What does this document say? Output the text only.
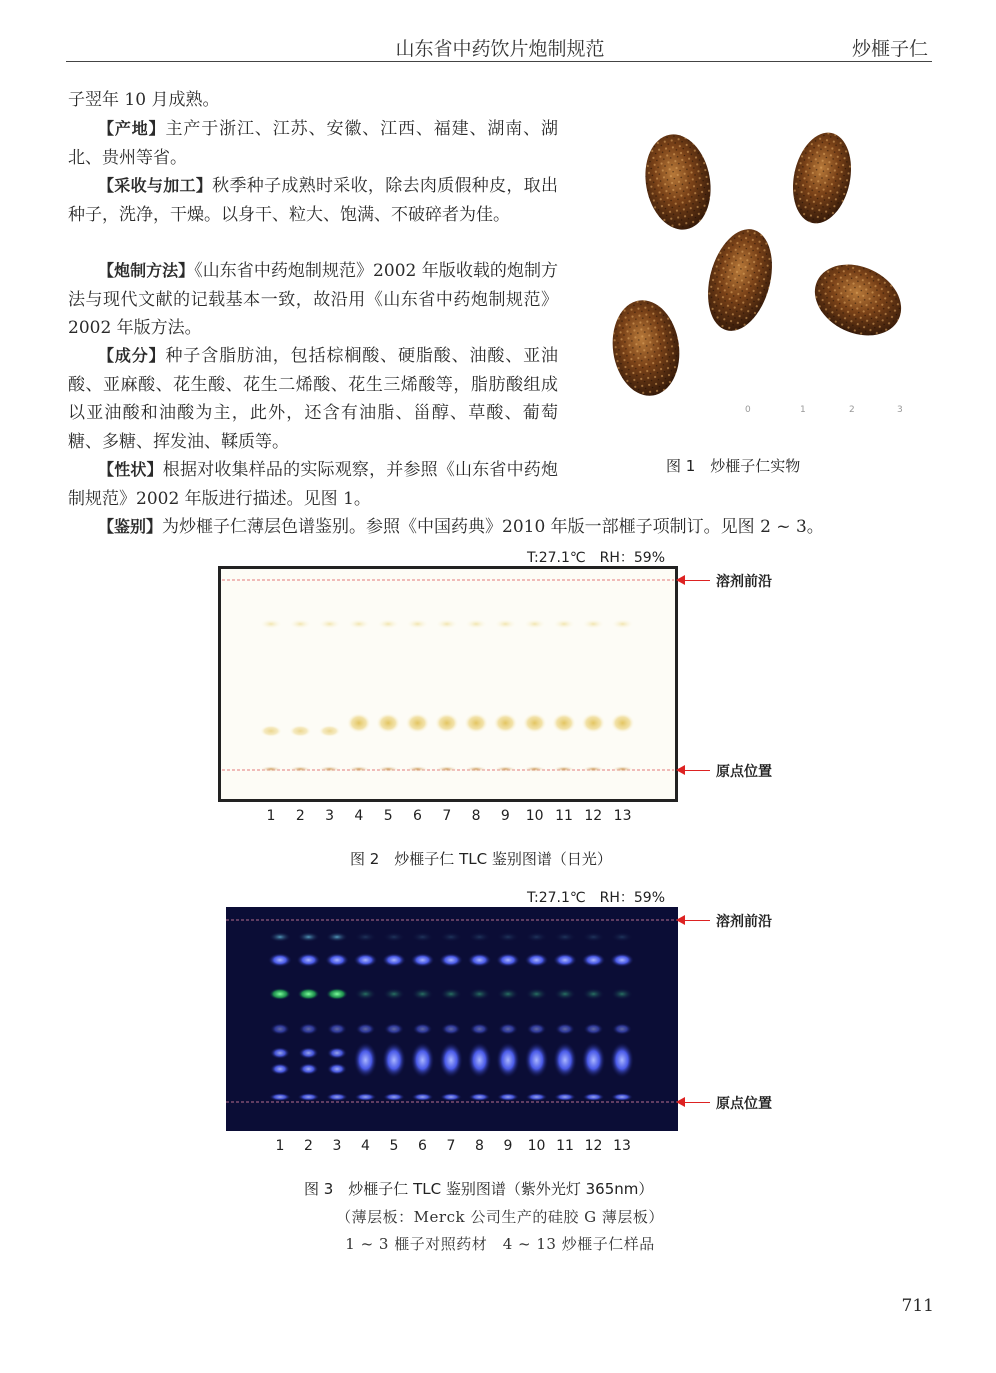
山东省中药饮片炮制规范	炒榧子仁
子翌年 10 月成熟。
【产地】主产于浙江、江苏、安徽、江西、福建、湖南、湖北、贵州等省。
【采收与加工】秋季种子成熟时采收，除去肉质假种皮，取出种子，洗净，干燥。以身干、粒大、饱满、不破碎者为佳。
【炮制方法】《山东省中药炮制规范》2002 年版收载的炮制方法与现代文献的记载基本一致，故沿用《山东省中药炮制规范》2002 年版方法。
【成分】种子含脂肪油，包括棕榈酸、硬脂酸、油酸、亚油酸、亚麻酸、花生酸、花生二烯酸、花生三烯酸等，脂肪酸组成以亚油酸和油酸为主，此外，还含有油脂、甾醇、草酸、葡萄糖、多糖、挥发油、鞣质等。
【性状】根据对收集样品的实际观察，并参照《山东省中药炮制规范》2002 年版进行描述。见图 1。
【鉴别】为炒榧子仁薄层色谱鉴别。参照《中国药典》2010 年版一部榧子项制订。见图 2 ~ 3。
0	1	2	3
图 1　炒榧子仁实物
T:27.1℃　RH：59%
溶剂前沿
原点位置
1	2	3	4	5	6	7	8	9	10 11 12 13
图 2　炒榧子仁 TLC 鉴别图谱（日光）
T:27.1℃　RH：59%
溶剂前沿
原点位置
1	2	3	4	5	6	7	8	9	10 11 12 13
图 3　炒榧子仁 TLC 鉴别图谱（紫外光灯 365nm）
（薄层板：Merck 公司生产的硅胶 G 薄层板）
1 ~ 3 榧子对照药材　4 ~ 13 炒榧子仁样品
711
